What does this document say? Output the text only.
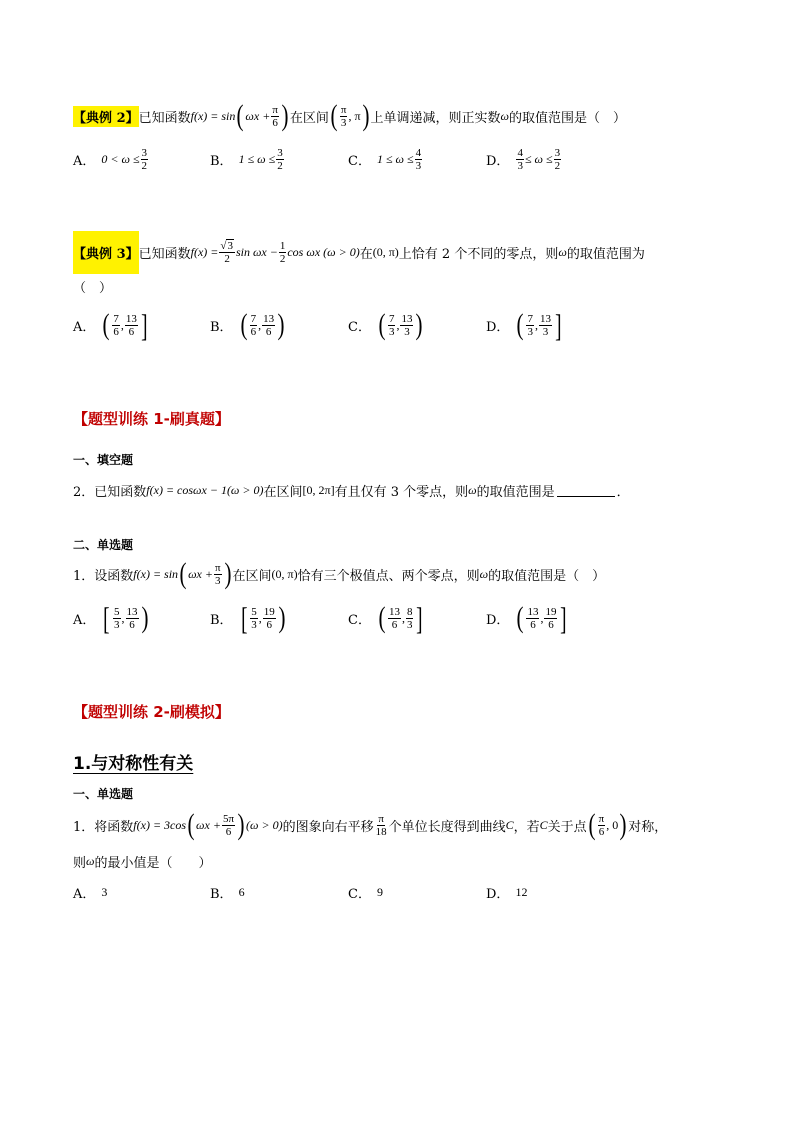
【典例 2】 已知函数 f(x) = sin ( $\omega x + \frac{\pi}{6}$ ) 在区间 ( $\frac{\pi}{3}$ , π ) 上单调递减，则正实数 ω 的取值范围是（　）
A． $0 < \omega \le \frac{3}{2}$	B． $1 \le \omega \le \frac{3}{2}$	C． $1 \le \omega \le \frac{4}{3}$	D． $\frac{4}{3} \le \omega \le \frac{3}{2}$
【典例 3】 已知函数 $f(x) = \frac{√3}{2}$ $\sin \omega x - \frac{1}{2}$ cos ωx (ω > 0) 在 (0, π) 上恰有 2 个不同的零点，则 ω 的取值范围为
（　）
A． ( $\frac{7}{6}$ , $\frac{13}{6}$ ]	B． ( $\frac{7}{6}$ , $\frac{13}{6}$ )	C． ( $\frac{7}{3}$ , $\frac{13}{3}$ )	D． ( $\frac{7}{3}$ , $\frac{13}{3}$ ]
【题型训练 1-刷真题】
一、填空题
2． 已知函数 f(x) = cosωx − 1(ω > 0) 在区间 [0, 2π] 有且仅有 3 个零点，则 ω 的取值范围是	．
二、单选题
1． 设函数 f(x) = sin ( $\omega x + \frac{\pi}{3}$ ) 在区间 (0, π) 恰有三个极值点、两个零点，则 ω 的取值范围是（　）
A． [ $\frac{5}{3}$ , $\frac{13}{6}$ )	B． [ $\frac{5}{3}$ , $\frac{19}{6}$ )	C． ( $\frac{13}{6}$ , $\frac{8}{3}$ ]	D． ( $\frac{13}{6}$ , $\frac{19}{6}$ ]
【题型训练 2-刷模拟】
1.与对称性有关
一、单选题
1． 将函数 f(x) = 3cos ( $\omega x + \frac{5\pi}{6}$ ) (ω > 0) 的图象向右平移 $\frac{\pi}{18}$ 个单位长度得到曲线 C ，若 C 关于点 ( $\frac{\pi}{6}$ , 0 ) 对称，
则 ω 的最小值是（　　）
A． 3	B． 6	C． 9	D． 12
